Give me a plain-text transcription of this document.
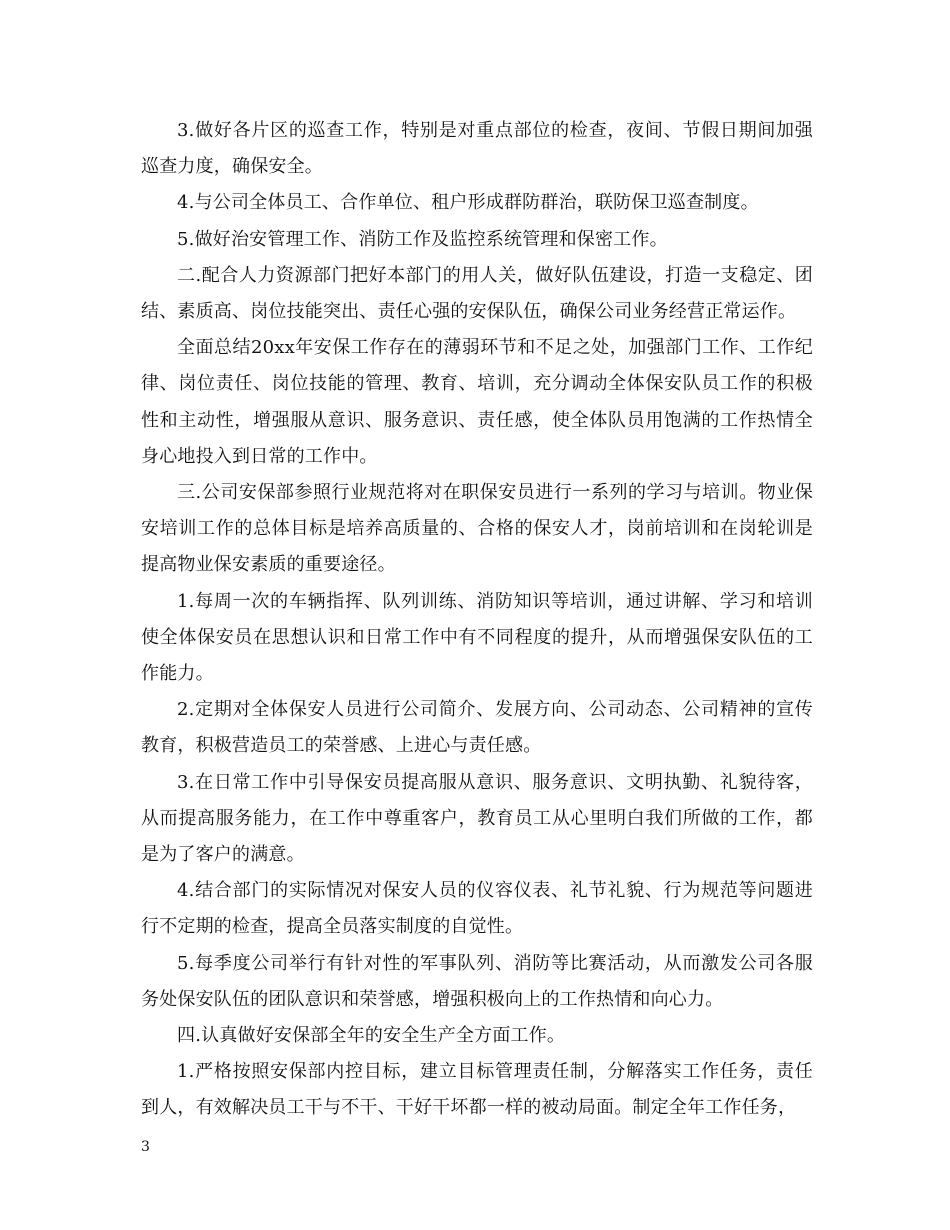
3.做好各片区的巡查工作，特别是对重点部位的检查，夜间、节假日期间加强巡查力度，确保安全。

4.与公司全体员工、合作单位、租户形成群防群治，联防保卫巡查制度。

5.做好治安管理工作、消防工作及监控系统管理和保密工作。

二.配合人力资源部门把好本部门的用人关，做好队伍建设，打造一支稳定、团结、素质高、岗位技能突出、责任心强的安保队伍，确保公司业务经营正常运作。

全面总结20xx年安保工作存在的薄弱环节和不足之处，加强部门工作、工作纪律、岗位责任、岗位技能的管理、教育、培训，充分调动全体保安队员工作的积极性和主动性，增强服从意识、服务意识、责任感，使全体队员用饱满的工作热情全身心地投入到日常的工作中。

三.公司安保部参照行业规范将对在职保安员进行一系列的学习与培训。物业保安培训工作的总体目标是培养高质量的、合格的保安人才，岗前培训和在岗轮训是提高物业保安素质的重要途径。

1.每周一次的车辆指挥、队列训练、消防知识等培训，通过讲解、学习和培训使全体保安员在思想认识和日常工作中有不同程度的提升，从而增强保安队伍的工作能力。

2.定期对全体保安人员进行公司简介、发展方向、公司动态、公司精神的宣传教育，积极营造员工的荣誉感、上进心与责任感。

3.在日常工作中引导保安员提高服从意识、服务意识、文明执勤、礼貌待客，从而提高服务能力，在工作中尊重客户，教育员工从心里明白我们所做的工作，都是为了客户的满意。

4.结合部门的实际情况对保安人员的仪容仪表、礼节礼貌、行为规范等问题进行不定期的检查，提高全员落实制度的自觉性。

5.每季度公司举行有针对性的军事队列、消防等比赛活动，从而激发公司各服务处保安队伍的团队意识和荣誉感，增强积极向上的工作热情和向心力。

四.认真做好安保部全年的安全生产全方面工作。

1.严格按照安保部内控目标，建立目标管理责任制，分解落实工作任务，责任到人，有效解决员工干与不干、干好干坏都一样的被动局面。制定全年工作任务，

3
